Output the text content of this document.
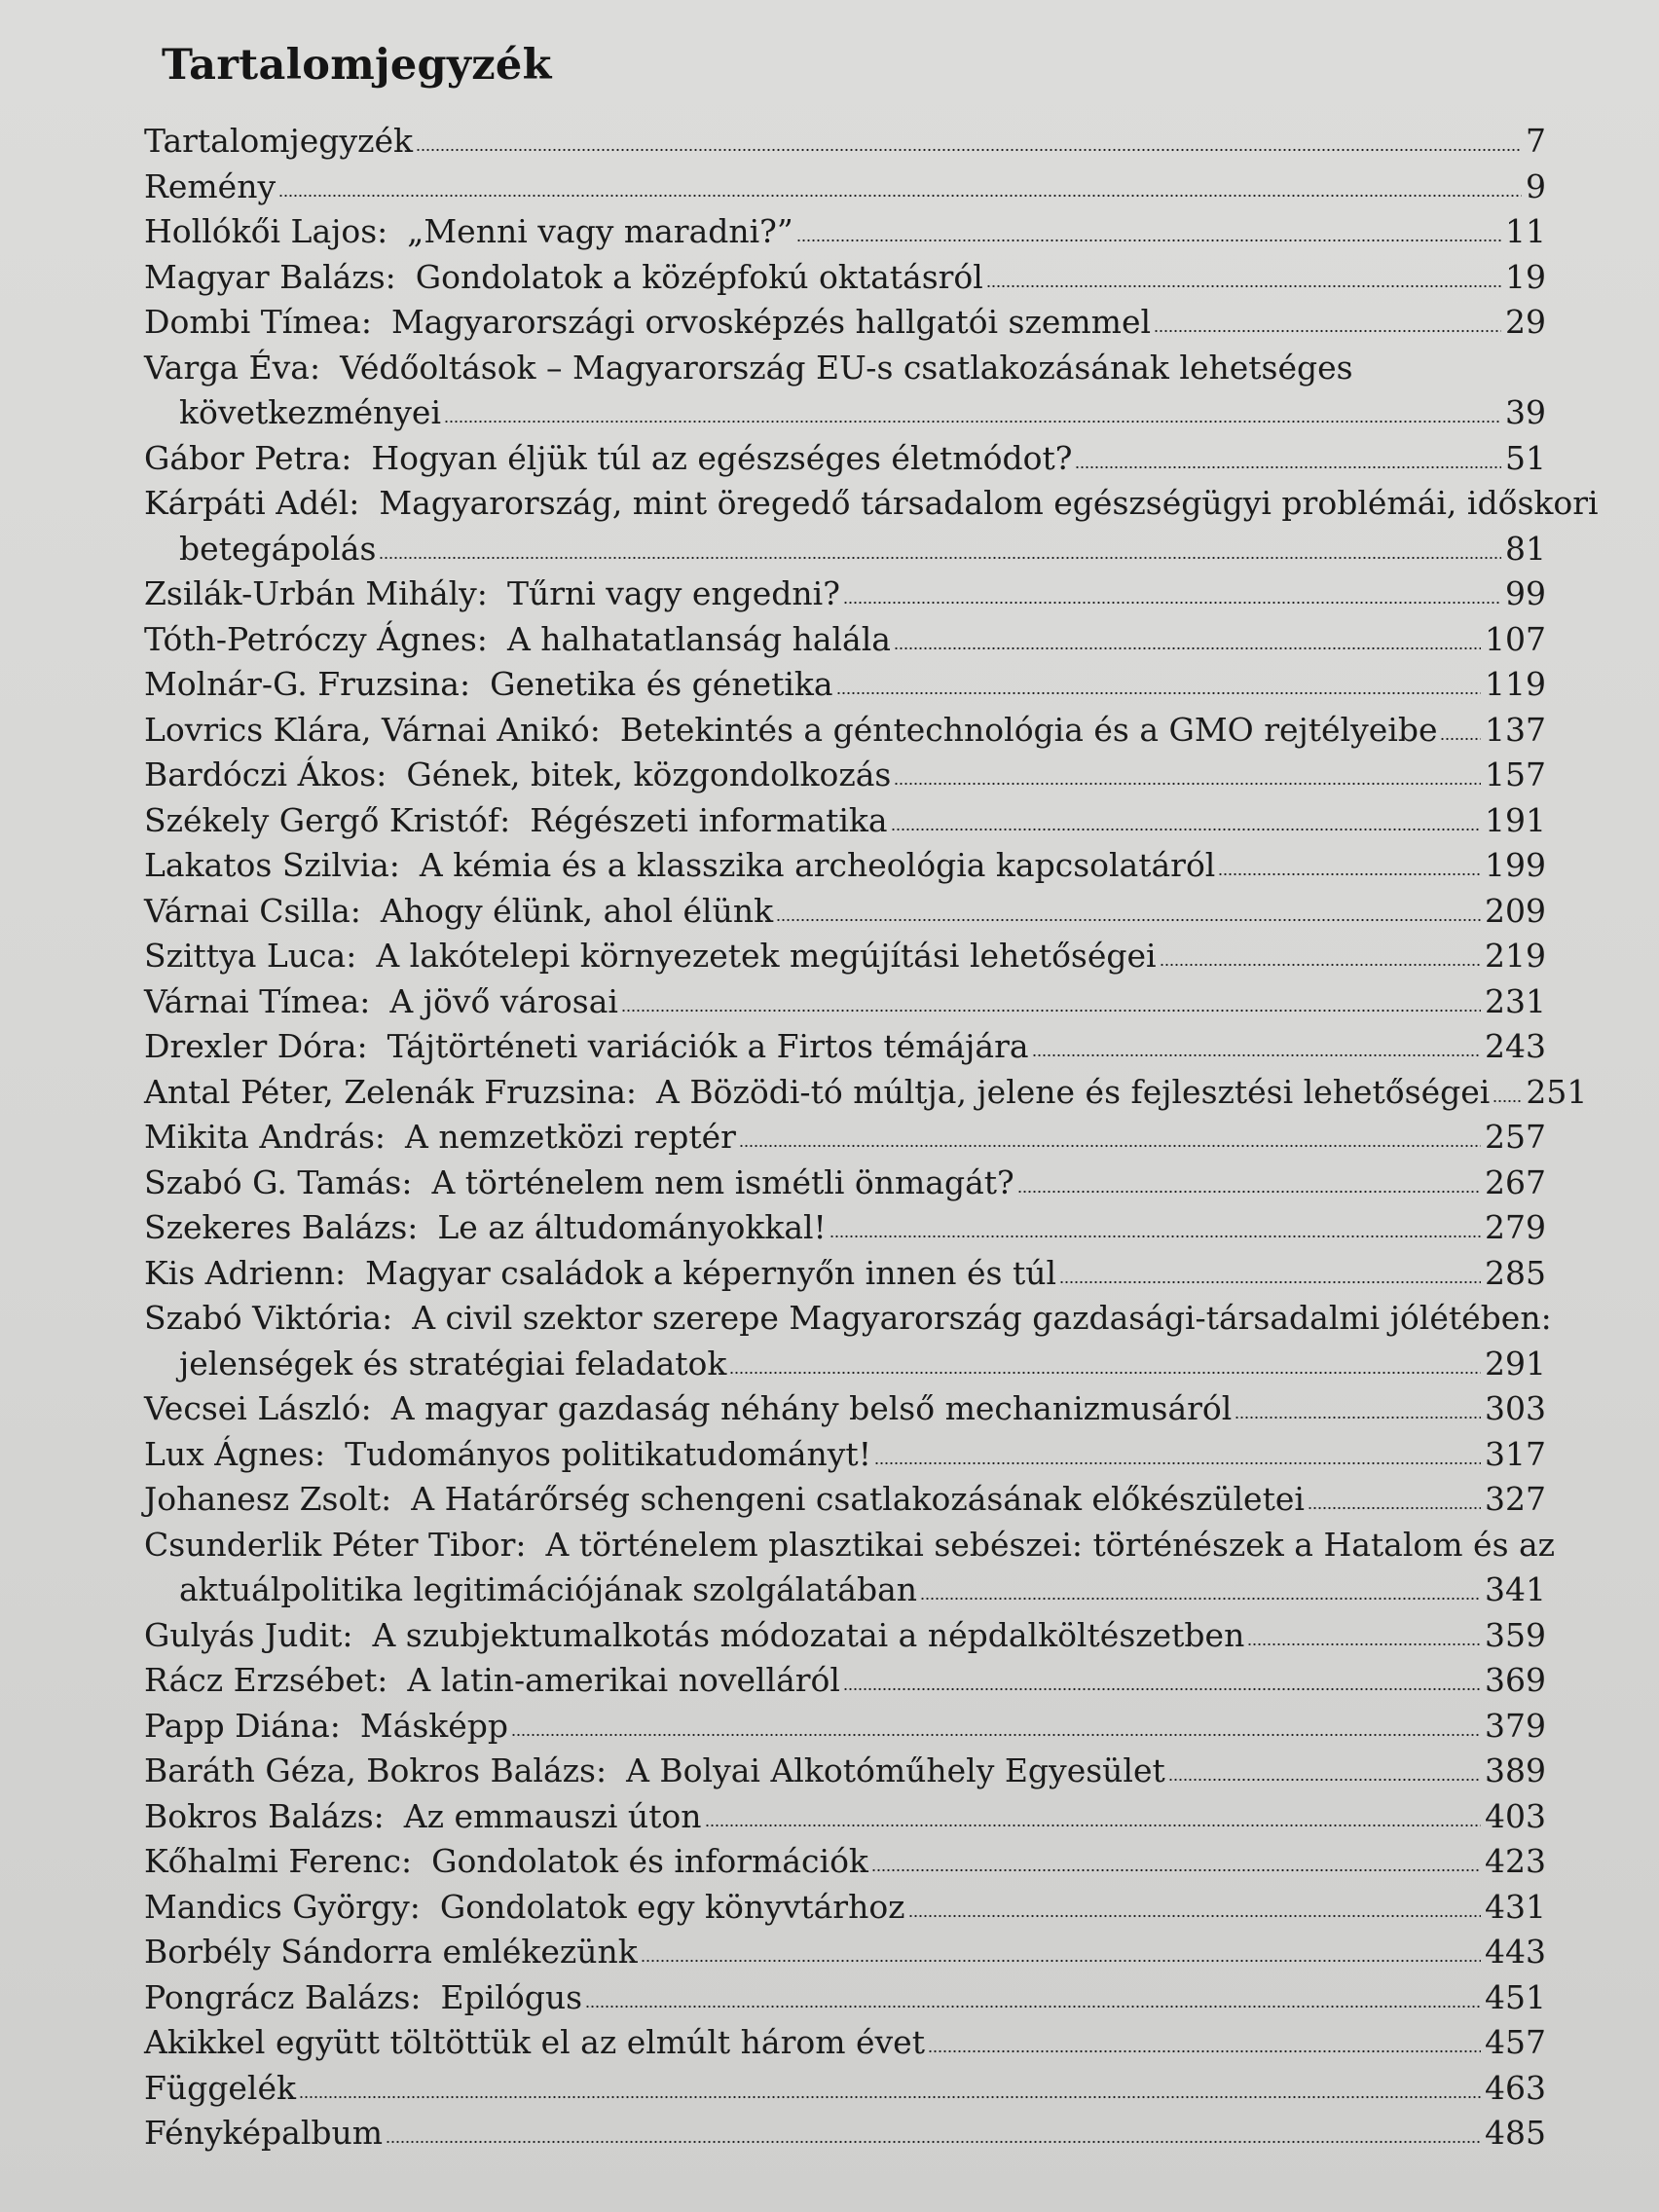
Tartalomjegyzék
Tartalomjegyzék	7
Remény	9
Hollókői Lajos: „Menni vagy maradni?”	11
Magyar Balázs: Gondolatok a középfokú oktatásról	19
Dombi Tímea: Magyarországi orvosképzés hallgatói szemmel	29
Varga Éva: Védőoltások – Magyarország EU-s csatlakozásának lehetséges
következményei	39
Gábor Petra: Hogyan éljük túl az egészséges életmódot?	51
Kárpáti Adél: Magyarország, mint öregedő társadalom egészségügyi problémái, időskori
betegápolás	81
Zsilák-Urbán Mihály: Tűrni vagy engedni?	99
Tóth-Petróczy Ágnes: A halhatatlanság halála	107
Molnár-G. Fruzsina: Genetika és génetika	119
Lovrics Klára, Várnai Anikó: Betekintés a géntechnológia és a GMO rejtélyeibe 137
Bardóczi Ákos: Gének, bitek, közgondolkozás	157
Székely Gergő Kristóf: Régészeti informatika	191
Lakatos Szilvia: A kémia és a klasszika archeológia kapcsolatáról	199
Várnai Csilla: Ahogy élünk, ahol élünk	209
Szittya Luca: A lakótelepi környezetek megújítási lehetőségei	219
Várnai Tímea: A jövő városai	231
Drexler Dóra: Tájtörténeti variációk a Firtos témájára	243
Antal Péter, Zelenák Fruzsina: A Bözödi-tó múltja, jelene és fejlesztési lehetőségei 251
Mikita András: A nemzetközi reptér	257
Szabó G. Tamás: A történelem nem ismétli önmagát?	267
Szekeres Balázs: Le az áltudományokkal!	279
Kis Adrienn: Magyar családok a képernyőn innen és túl	285
Szabó Viktória: A civil szektor szerepe Magyarország gazdasági-társadalmi jólétében:
jelenségek és stratégiai feladatok	291
Vecsei László: A magyar gazdaság néhány belső mechanizmusáról	303
Lux Ágnes: Tudományos politikatudományt!	317
Johanesz Zsolt: A Határőrség schengeni csatlakozásának előkészületei	327
Csunderlik Péter Tibor: A történelem plasztikai sebészei: történészek a Hatalom és az
aktuálpolitika legitimációjának szolgálatában	341
Gulyás Judit: A szubjektumalkotás módozatai a népdalköltészetben	359
Rácz Erzsébet: A latin-amerikai novelláról	369
Papp Diána: Másképp	379
Baráth Géza, Bokros Balázs: A Bolyai Alkotóműhely Egyesület	389
Bokros Balázs: Az emmauszi úton	403
Kőhalmi Ferenc: Gondolatok és információk	423
Mandics György: Gondolatok egy könyvtárhoz	431
Borbély Sándorra emlékezünk	443
Pongrácz Balázs: Epilógus	451
Akikkel együtt töltöttük el az elmúlt három évet	457
Függelék	463
Fényképalbum	485
